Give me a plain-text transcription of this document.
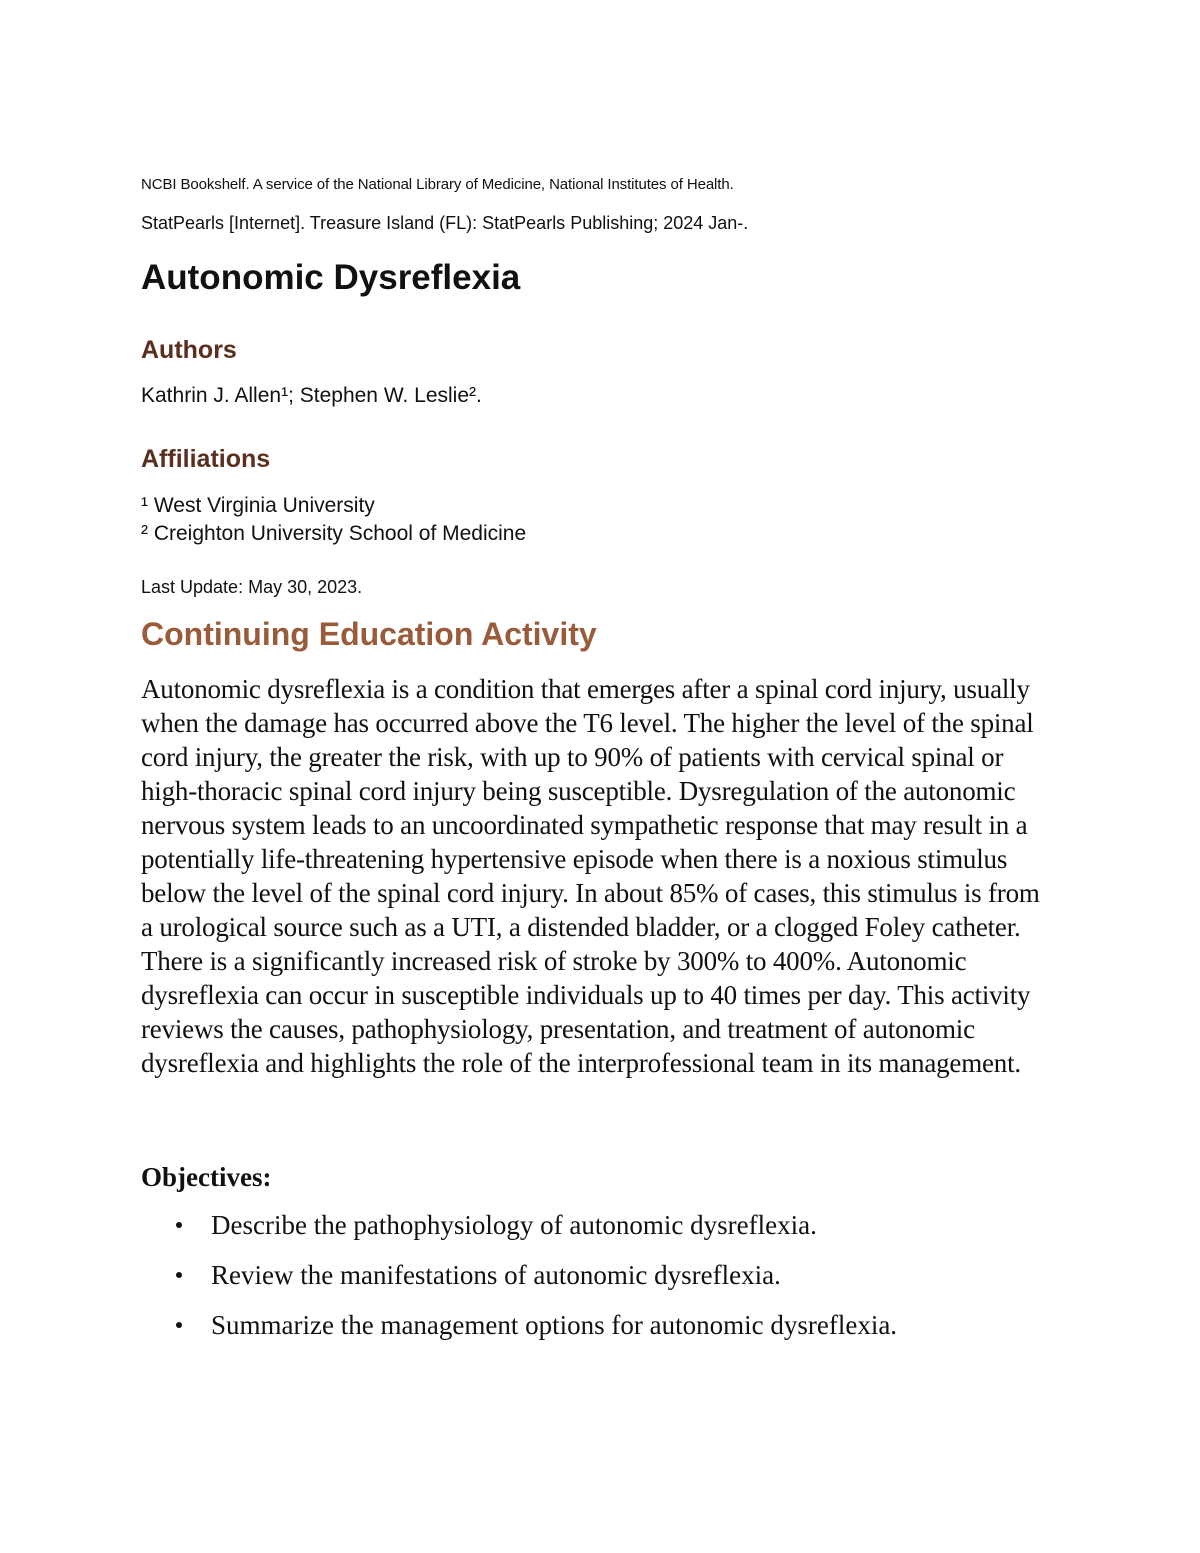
NCBI Bookshelf. A service of the National Library of Medicine, National Institutes of Health.
StatPearls [Internet]. Treasure Island (FL): StatPearls Publishing; 2024 Jan-.
Autonomic Dysreflexia
Authors
Kathrin J. Allen¹; Stephen W. Leslie².
Affiliations
¹ West Virginia University
² Creighton University School of Medicine
Last Update: May 30, 2023.
Continuing Education Activity

Autonomic dysreflexia is a condition that emerges after a spinal cord injury, usually when the damage has occurred above the T6 level. The higher the level of the spinal cord injury, the greater the risk, with up to 90% of patients with cervical spinal or high-thoracic spinal cord injury being susceptible. Dysregulation of the autonomic nervous system leads to an uncoordinated sympathetic response that may result in a potentially life-threatening hypertensive episode when there is a noxious stimulus below the level of the spinal cord injury. In about 85% of cases, this stimulus is from a urological source such as a UTI, a distended bladder, or a clogged Foley catheter. There is a significantly increased risk of stroke by 300% to 400%. Autonomic dysreflexia can occur in susceptible individuals up to 40 times per day. This activity reviews the causes, pathophysiology, presentation, and treatment of autonomic dysreflexia and highlights the role of the interprofessional team in its management.

Objectives:
Describe the pathophysiology of autonomic dysreflexia.
Review the manifestations of autonomic dysreflexia.
Summarize the management options for autonomic dysreflexia.
